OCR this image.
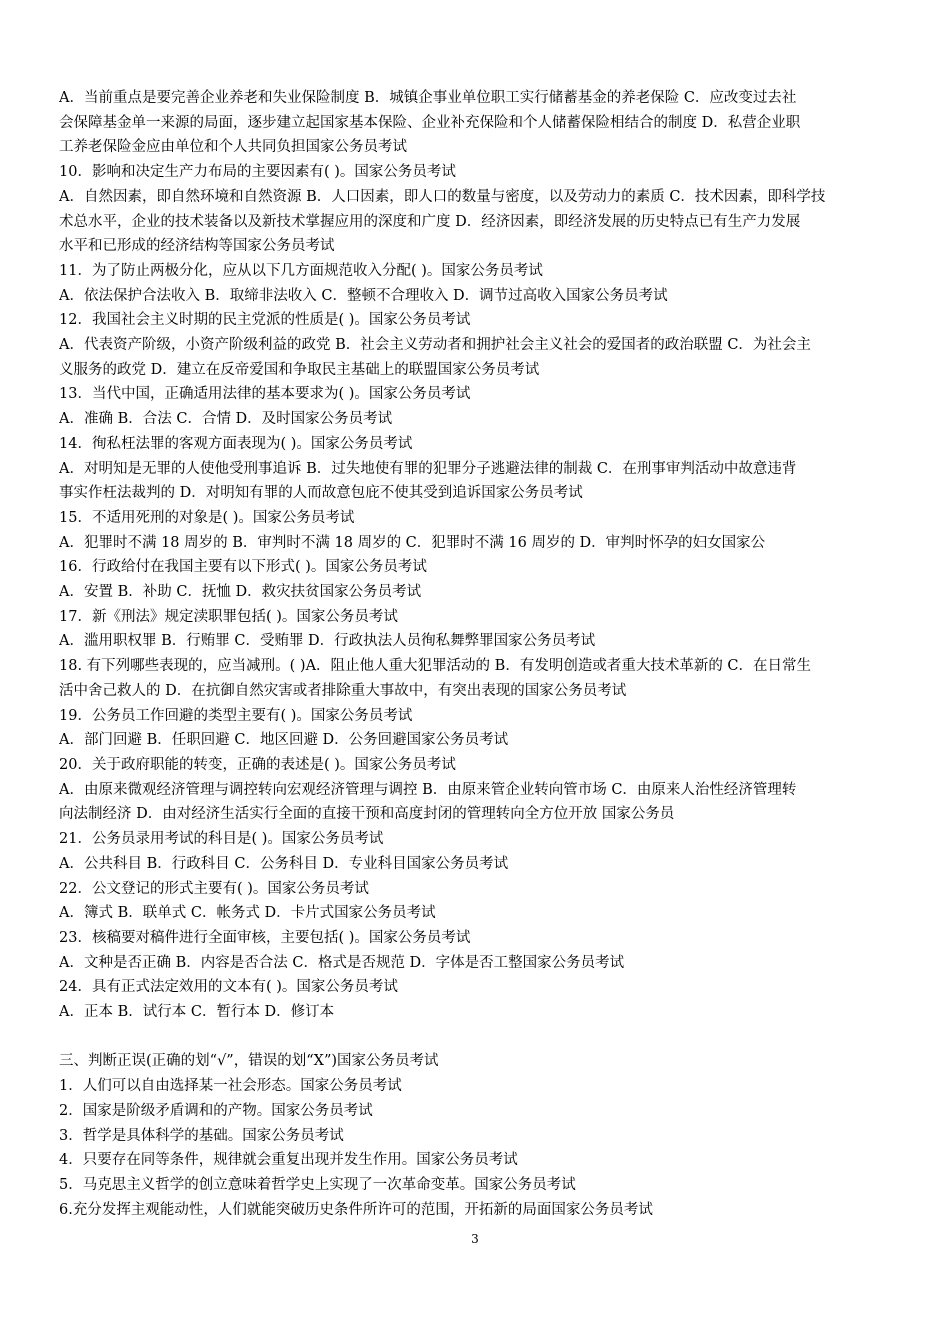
A．当前重点是要完善企业养老和失业保险制度 B．城镇企事业单位职工实行储蓄基金的养老保险 C．应改变过去社
会保障基金单一来源的局面，逐步建立起国家基本保险、企业补充保险和个人储蓄保险相结合的制度 D．私营企业职
工养老保险金应由单位和个人共同负担国家公务员考试
10．影响和决定生产力布局的主要因素有( )。国家公务员考试
A．自然因素，即自然环境和自然资源 B．人口因素，即人口的数量与密度，以及劳动力的素质 C．技术因素，即科学技
术总水平，企业的技术装备以及新技术掌握应用的深度和广度 D．经济因素，即经济发展的历史特点已有生产力发展
水平和已形成的经济结构等国家公务员考试
11．为了防止两极分化，应从以下几方面规范收入分配( )。国家公务员考试
A．依法保护合法收入 B．取缔非法收入 C．整顿不合理收入 D．调节过高收入国家公务员考试
12．我国社会主义时期的民主党派的性质是( )。国家公务员考试
A．代表资产阶级，小资产阶级利益的政党 B．社会主义劳动者和拥护社会主义社会的爱国者的政治联盟 C．为社会主
义服务的政党 D．建立在反帝爱国和争取民主基础上的联盟国家公务员考试
13．当代中国，正确适用法律的基本要求为( )。国家公务员考试
A．准确 B．合法 C．合情 D．及时国家公务员考试
14．徇私枉法罪的客观方面表现为( )。国家公务员考试
A．对明知是无罪的人使他受刑事追诉 B．过失地使有罪的犯罪分子逃避法律的制裁 C．在刑事审判活动中故意违背
事实作枉法裁判的 D．对明知有罪的人而故意包庇不使其受到追诉国家公务员考试
15．不适用死刑的对象是( )。国家公务员考试
A．犯罪时不满 18 周岁的 B．审判时不满 18 周岁的 C．犯罪时不满 16 周岁的 D．审判时怀孕的妇女国家公
16．行政给付在我国主要有以下形式( )。国家公务员考试
A．安置 B．补助 C．抚恤 D．救灾扶贫国家公务员考试
17．新《刑法》规定渎职罪包括( )。国家公务员考试
A．滥用职权罪 B．行贿罪 C．受贿罪 D．行政执法人员徇私舞弊罪国家公务员考试
18. 有下列哪些表现的，应当减刑。( )A．阻止他人重大犯罪活动的 B．有发明创造或者重大技术革新的 C．在日常生
活中舍己救人的 D．在抗御自然灾害或者排除重大事故中，有突出表现的国家公务员考试
19．公务员工作回避的类型主要有( )。国家公务员考试
A．部门回避 B．任职回避 C．地区回避 D．公务回避国家公务员考试
20．关于政府职能的转变，正确的表述是( )。国家公务员考试
A．由原来微观经济管理与调控转向宏观经济管理与调控 B．由原来管企业转向管市场 C．由原来人治性经济管理转
向法制经济 D．由对经济生活实行全面的直接干预和高度封闭的管理转向全方位开放 国家公务员
21．公务员录用考试的科目是( )。国家公务员考试
A．公共科目 B．行政科目 C．公务科目 D．专业科目国家公务员考试
22．公文登记的形式主要有( )。国家公务员考试
A．簿式 B．联单式 C．帐务式 D．卡片式国家公务员考试
23．核稿要对稿件进行全面审核，主要包括( )。国家公务员考试
A．文种是否正确 B．内容是否合法 C．格式是否规范 D．字体是否工整国家公务员考试
24．具有正式法定效用的文本有( )。国家公务员考试
A．正本 B．试行本 C．暂行本 D．修订本
三、判断正误(正确的划“√”，错误的划“X”)国家公务员考试
1．人们可以自由选择某一社会形态。国家公务员考试
2．国家是阶级矛盾调和的产物。国家公务员考试
3．哲学是具体科学的基础。国家公务员考试
4．只要存在同等条件，规律就会重复出现并发生作用。国家公务员考试
5．马克思主义哲学的创立意味着哲学史上实现了一次革命变革。国家公务员考试
6.充分发挥主观能动性，人们就能突破历史条件所许可的范围，开拓新的局面国家公务员考试
3
